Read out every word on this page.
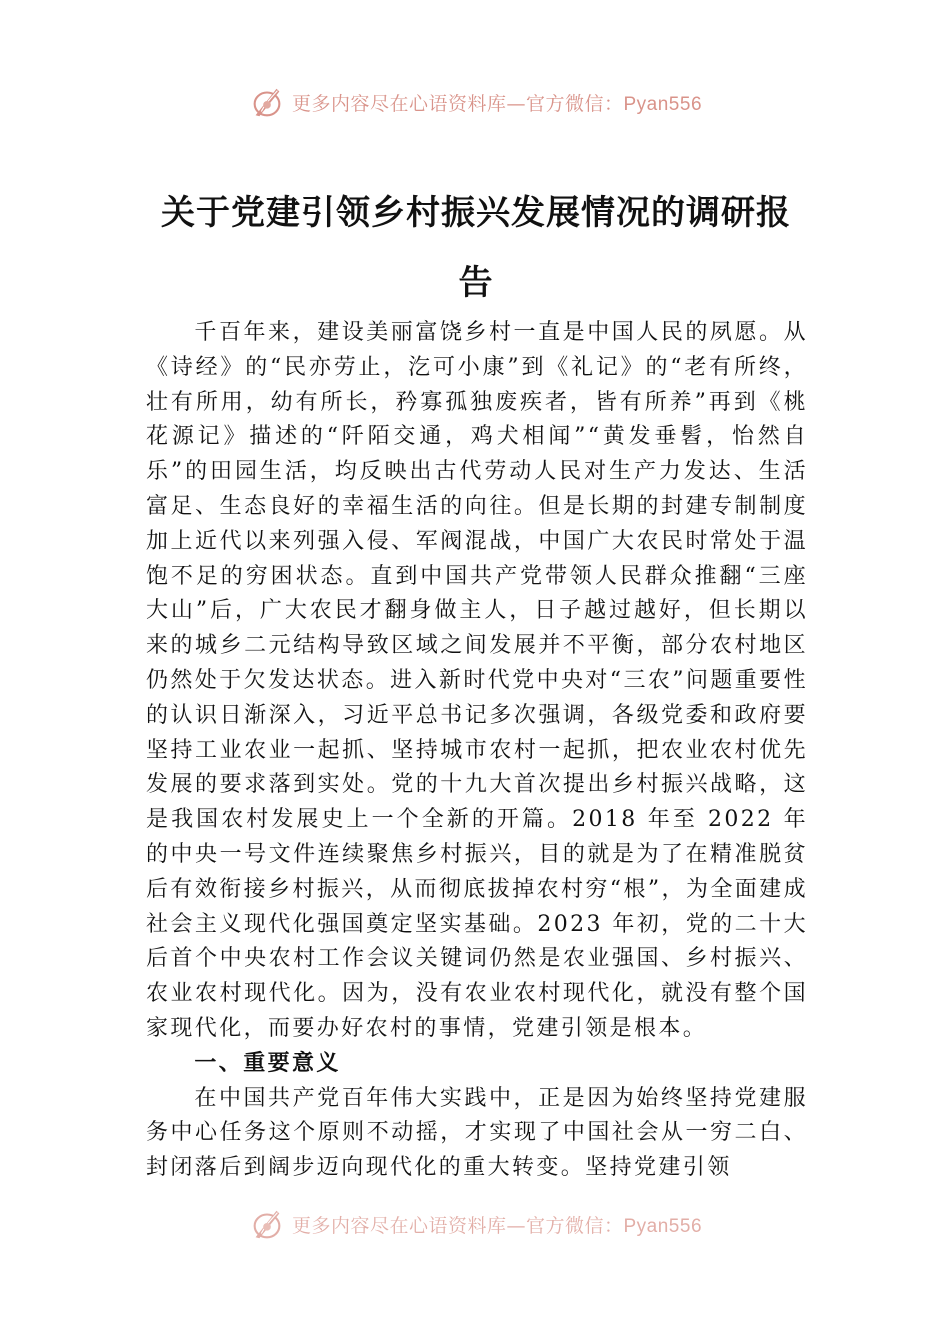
更多内容尽在心语资料库—官方微信：Pyan556
关于党建引领乡村振兴发展情况的调研报告

千百年来，建设美丽富饶乡村一直是中国人民的夙愿。从《诗经》的“民亦劳止，汔可小康”到《礼记》的“老有所终，壮有所用，幼有所长，矜寡孤独废疾者，皆有所养”再到《桃花源记》描述的“阡陌交通，鸡犬相闻”“黄发垂髫，怡然自乐”的田园生活，均反映出古代劳动人民对生产力发达、生活富足、生态良好的幸福生活的向往。但是长期的封建专制制度加上近代以来列强入侵、军阀混战，中国广大农民时常处于温饱不足的穷困状态。直到中国共产党带领人民群众推翻“三座大山”后，广大农民才翻身做主人，日子越过越好，但长期以来的城乡二元结构导致区域之间发展并不平衡，部分农村地区仍然处于欠发达状态。进入新时代党中央对“三农”问题重要性的认识日渐深入，习近平总书记多次强调，各级党委和政府要坚持工业农业一起抓、坚持城市农村一起抓，把农业农村优先发展的要求落到实处。党的十九大首次提出乡村振兴战略，这是我国农村发展史上一个全新的开篇。2018 年至 2022 年的中央一号文件连续聚焦乡村振兴，目的就是为了在精准脱贫后有效衔接乡村振兴，从而彻底拔掉农村穷“根”，为全面建成社会主义现代化强国奠定坚实基础。2023 年初，党的二十大后首个中央农村工作会议关键词仍然是农业强国、乡村振兴、农业农村现代化。因为，没有农业农村现代化，就没有整个国家现代化，而要办好农村的事情，党建引领是根本。

一、重要意义

在中国共产党百年伟大实践中，正是因为始终坚持党建服务中心任务这个原则不动摇，才实现了中国社会从一穷二白、封闭落后到阔步迈向现代化的重大转变。坚持党建引领

更多内容尽在心语资料库—官方微信：Pyan556
